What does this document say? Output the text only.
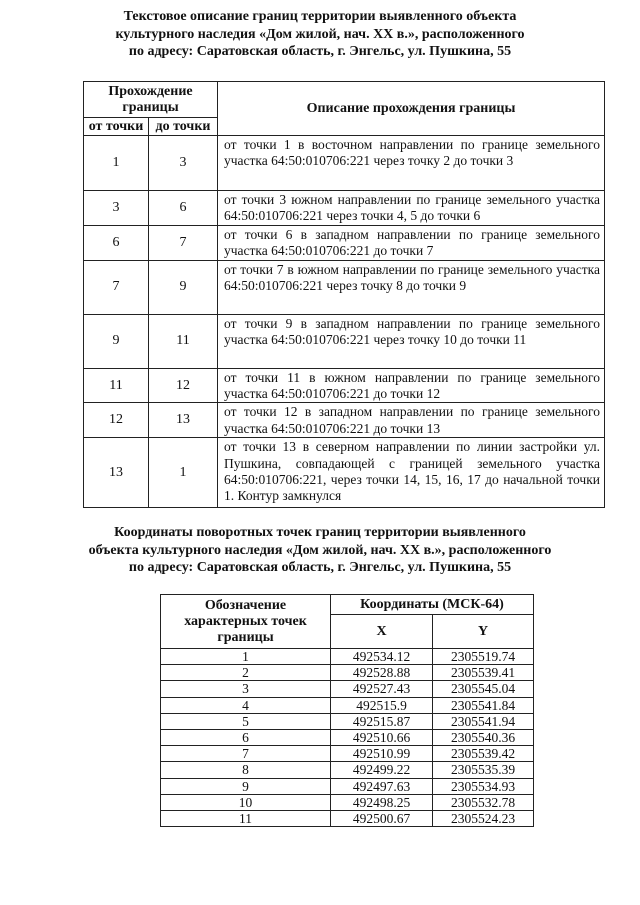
Текстовое описание границ территории выявленного объекта
культурного наследия «Дом жилой, нач. XX в.», расположенного
по адресу: Саратовская область, г. Энгельс, ул. Пушкина, 55
Прохождение границы		Описание прохождения границы
от точки	до точки	
1	3	от точки 1 в восточном направлении по границе земельного участка 64:50:010706:221 через точку 2 до точки 3
3	6	от точки 3 южном направлении по границе земельного участка 64:50:010706:221 через точки 4, 5 до точки 6
6	7	от точки 6 в западном направлении по границе земельного участка 64:50:010706:221 до точки 7
7	9	от точки 7 в южном направлении по границе земельного участка 64:50:010706:221 через точку 8 до точки 9
9	11	от точки 9 в западном направлении по границе земельного участка 64:50:010706:221 через точку 10 до точки 11
11	12	от точки 11 в южном направлении по границе земельного участка 64:50:010706:221 до точки 12
12	13	от точки 12 в западном направлении по границе земельного участка 64:50:010706:221 до точки 13
13	1	от точки 13 в северном направлении по линии застройки ул. Пушкина, совпадающей с границей земельного участка 64:50:010706:221, через точки 14, 15, 16, 17 до начальной точки 1. Контур замкнулся
Координаты поворотных точек границ территории выявленного
объекта культурного наследия «Дом жилой, нач. XX в.», расположенного
по адресу: Саратовская область, г. Энгельс, ул. Пушкина, 55
Обозначение характерных точек границы	Координаты (МСК-64)	
	X	Y
1	492534.12	2305519.74
2	492528.88	2305539.41
3	492527.43	2305545.04
4	492515.9	2305541.84
5	492515.87	2305541.94
6	492510.66	2305540.36
7	492510.99	2305539.42
8	492499.22	2305535.39
9	492497.63	2305534.93
10	492498.25	2305532.78
11	492500.67	2305524.23
